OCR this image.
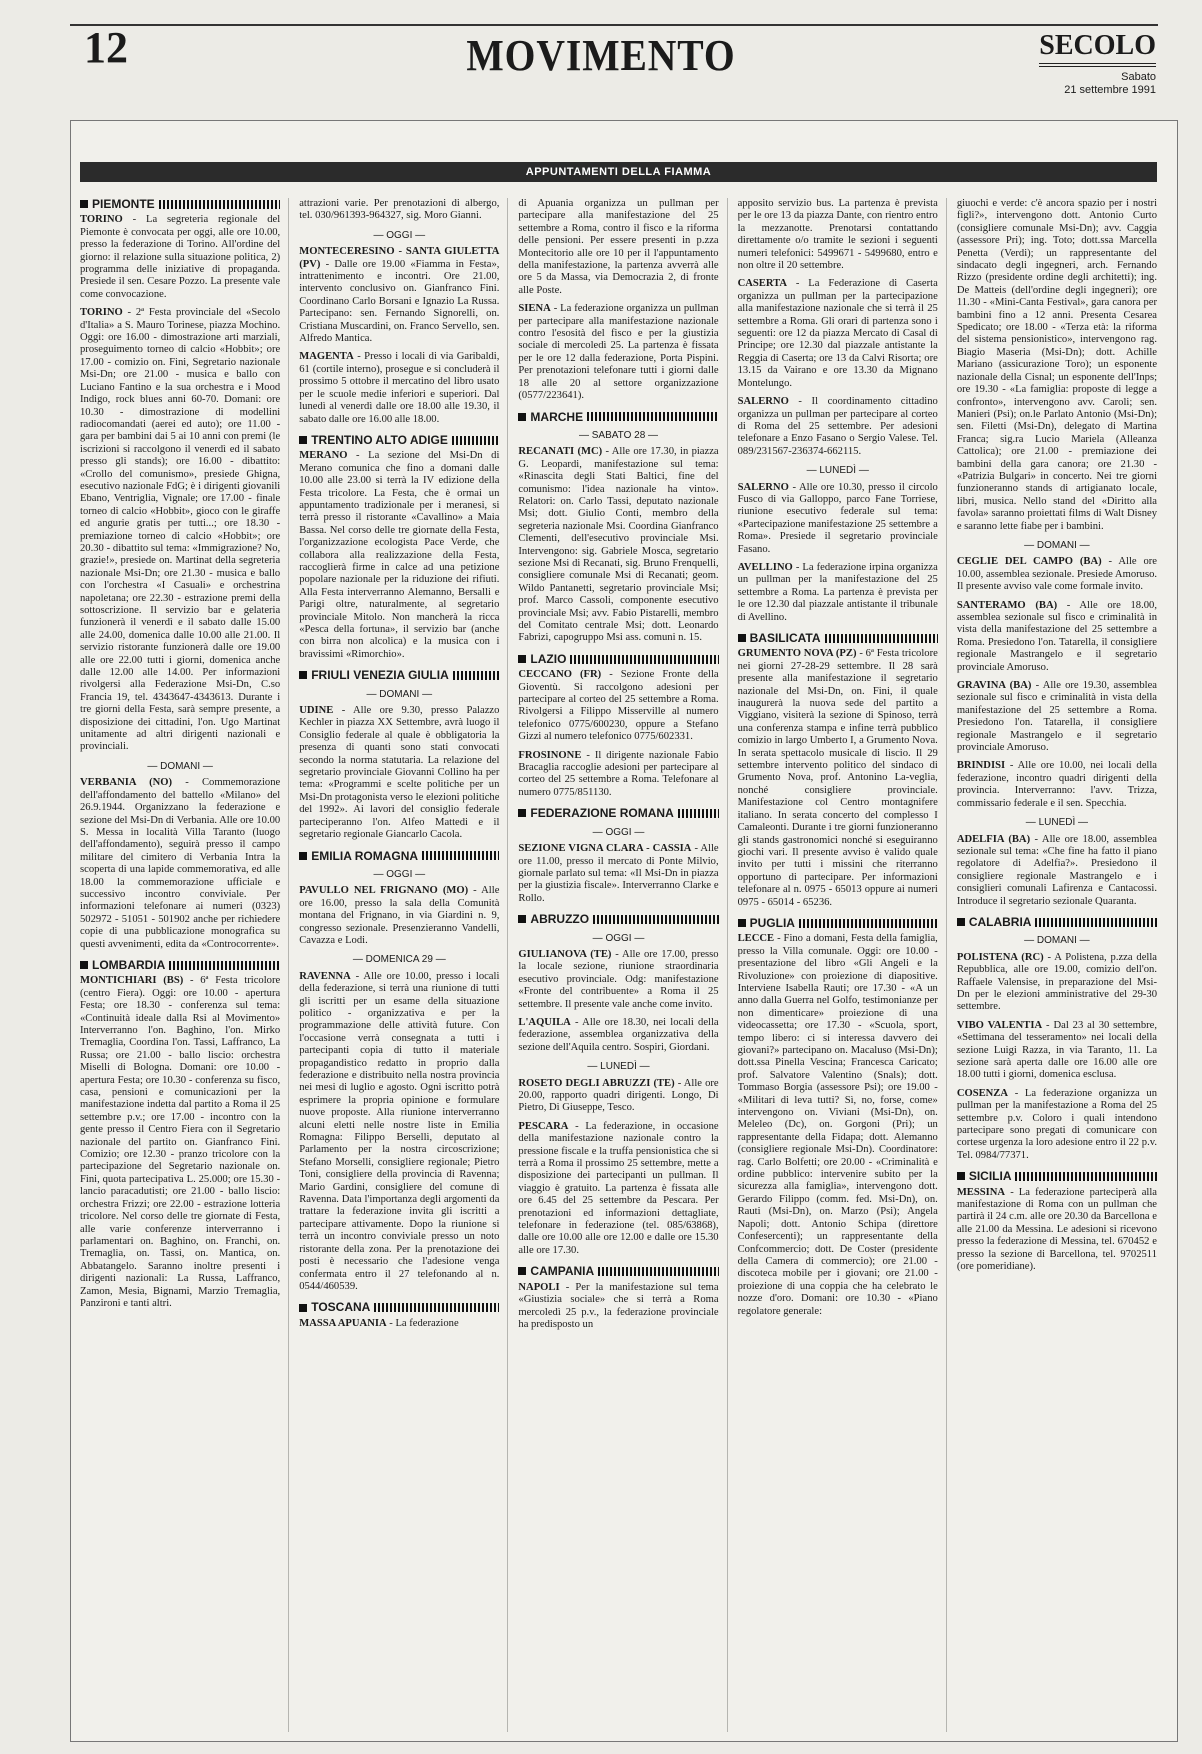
12	MOVIMENTO	SECOLO
Sabato
21 settembre 1991
APPUNTAMENTI DELLA FIAMMA
PIEMONTE

TORINO - La segreteria regionale del Piemonte è convocata per oggi, alle ore 10.00, presso la federazione di Torino. All'ordine del giorno: il relazione sulla situazione politica, 2) programma delle iniziative di propaganda. Presiede il sen. Cesare Pozzo. La presente vale come convocazione.

TORINO - 2ª Festa provinciale del «Secolo d'Italia» a S. Mauro Torinese, piazza Mochino. Oggi: ore 16.00 - dimostrazione arti marziali, proseguimento torneo di calcio «Hobbit»; ore 17.00 - comizio on. Fini, Segretario nazionale Msi-Dn; ore 21.00 - musica e ballo con Luciano Fantino e la sua orchestra e i Mood Indigo, rock blues anni 60-70. Domani: ore 10.30 - dimostrazione di modellini radiocomandati (aerei ed auto); ore 11.00 - gara per bambini dai 5 ai 10 anni con premi (le iscrizioni si raccolgono il venerdì ed il sabato presso gli stands); ore 16.00 - dibattito: «Crollo del comunismo», presiede Ghigna, esecutivo nazionale FdG; è i dirigenti giovanili Ebano, Ventriglia, Vignale; ore 17.00 - finale torneo di calcio «Hobbit», gioco con le giraffe ed angurie gratis per tutti...; ore 18.30 - premiazione torneo di calcio «Hobbit»; ore 20.30 - dibattito sul tema: «Immigrazione? No, grazie!», presiede on. Martinat della segreteria nazionale Msi-Dn; ore 21.30 - musica e ballo con l'orchestra «I Casuali» e orchestrina napoletana; ore 22.30 - estrazione premi della sottoscrizione. Il servizio bar e gelateria funzionerà il venerdì e il sabato dalle 15.00 alle 24.00, domenica dalle 10.00 alle 21.00. Il servizio ristorante funzionerà dalle ore 19.00 alle ore 22.00 tutti i giorni, domenica anche dalle 12.00 alle 14.00. Per informazioni rivolgersi alla Federazione Msi-Dn, C.so Francia 19, tel. 4343647-4343613. Durante i tre giorni della Festa, sarà sempre presente, a disposizione dei cittadini, l'on. Ugo Martinat unitamente ad altri dirigenti nazionali e provinciali.

— DOMANI —

VERBANIA (NO) - Commemorazione dell'affondamento del battello «Milano» del 26.9.1944. Organizzano la federazione e sezione del Msi-Dn di Verbania. Alle ore 10.00 S. Messa in località Villa Taranto (luogo dell'affondamento), seguirà presso il campo militare del cimitero di Verbania Intra la scoperta di una lapide commemorativa, ed alle 18.00 la commemorazione ufficiale e successivo incontro conviviale. Per informazioni telefonare ai numeri (0323) 502972 - 51051 - 501902 anche per richiedere copie di una pubblicazione monografica su questi avvenimenti, edita da «Controcorrente».

LOMBARDIA

MONTICHIARI (BS) - 6ª Festa tricolore (centro Fiera). Oggi: ore 10.00 - apertura Festa; ore 18.30 - conferenza sul tema: «Continuità ideale dalla Rsi al Movimento» Interverranno l'on. Baghino, l'on. Mirko Tremaglia, Coordina l'on. Tassi, Laffranco, La Russa; ore 21.00 - ballo liscio: orchestra Miselli di Bologna. Domani: ore 10.00 - apertura Festa; ore 10.30 - conferenza su fisco, casa, pensioni e comunicazioni per la manifestazione indetta dal partito a Roma il 25 settembre p.v.; ore 17.00 - incontro con la gente presso il Centro Fiera con il Segretario nazionale del partito on. Gianfranco Fini. Comizio; ore 12.30 - pranzo tricolore con la partecipazione del Segretario nazionale on. Fini, quota partecipativa L. 25.000; ore 15.30 - lancio paracadutisti; ore 21.00 - ballo liscio: orchestra Frizzi; ore 22.00 - estrazione lotteria tricolore. Nel corso delle tre giornate di Festa, alle varie conferenze interverranno i parlamentari on. Baghino, on. Franchi, on. Tremaglia, on. Tassi, on. Mantica, on. Abbatangelo. Saranno inoltre presenti i dirigenti nazionali: La Russa, Laffranco, Zamon, Mesia, Bignami, Marzio Tremaglia, Panzironi e tanti altri.

attrazioni varie. Per prenotazioni di albergo, tel. 030/961393-964327, sig. Moro Gianni.

— OGGI —

MONTECERESINO - SANTA GIULETTA (PV) - Dalle ore 19.00 «Fiamma in Festa», intrattenimento e incontri. Ore 21.00, intervento conclusivo on. Gianfranco Fini. Coordinano Carlo Borsani e Ignazio La Russa. Partecipano: sen. Fernando Signorelli, on. Cristiana Muscardini, on. Franco Servello, sen. Alfredo Mantica.

MAGENTA - Presso i locali di via Garibaldi, 61 (cortile interno), prosegue e si concluderà il prossimo 5 ottobre il mercatino del libro usato per le scuole medie inferiori e superiori. Dal lunedì al venerdì dalle ore 18.00 alle 19.30, il sabato dalle ore 16.00 alle 18.00.

TRENTINO ALTO ADIGE

MERANO - La sezione del Msi-Dn di Merano comunica che fino a domani dalle 10.00 alle 23.00 si terrà la IV edizione della Festa tricolore. La Festa, che è ormai un appuntamento tradizionale per i meranesi, si terrà presso il ristorante «Cavallino» a Maia Bassa. Nel corso delle tre giornate della Festa, l'organizzazione ecologista Pace Verde, che collabora alla realizzazione della Festa, raccoglierà firme in calce ad una petizione popolare nazionale per la riduzione dei rifiuti. Alla Festa interverranno Alemanno, Bersalli e Parigi oltre, naturalmente, al segretario provinciale Mitolo. Non mancherà la ricca «Pesca della fortuna», il servizio bar (anche con birra non alcolica) e la musica con i bravissimi «Rimorchio».

FRIULI VENEZIA GIULIA
— DOMANI —

UDINE - Alle ore 9.30, presso Palazzo Kechler in piazza XX Settembre, avrà luogo il Consiglio federale al quale è obbligatoria la presenza di quanti sono stati convocati secondo la norma statutaria. La relazione del segretario provinciale Giovanni Collino ha per tema: «Programmi e scelte politiche per un Msi-Dn protagonista verso le elezioni politiche del 1992». Ai lavori del consiglio federale parteciperanno l'on. Alfeo Mattedi e il segretario regionale Giancarlo Cacola.

EMILIA ROMAGNA
— OGGI —

PAVULLO NEL FRIGNANO (MO) - Alle ore 16.00, presso la sala della Comunità montana del Frignano, in via Giardini n. 9, congresso sezionale. Presenzieranno Vandelli, Cavazza e Lodi.

— DOMENICA 29 —

RAVENNA - Alle ore 10.00, presso i locali della federazione, si terrà una riunione di tutti gli iscritti per un esame della situazione politico - organizzativa e per la programmazione delle attività future. Con l'occasione verrà consegnata a tutti i partecipanti copia di tutto il materiale propagandistico redatto in proprio dalla federazione e distribuito nella nostra provincia nei mesi di luglio e agosto. Ogni iscritto potrà esprimere la propria opinione e formulare nuove proposte. Alla riunione interverranno alcuni eletti nelle nostre liste in Emilia Romagna: Filippo Berselli, deputato al Parlamento per la nostra circoscrizione; Stefano Morselli, consigliere regionale; Pietro Toni, consigliere della provincia di Ravenna; Mario Gardini, consigliere del comune di Ravenna. Data l'importanza degli argomenti da trattare la federazione invita gli iscritti a partecipare attivamente. Dopo la riunione si terrà un incontro conviviale presso un noto ristorante della zona. Per la prenotazione dei posti è necessario che l'adesione venga confermata entro il 27 telefonando al n. 0544/460539.

TOSCANA

MASSA APUANIA - La federazione

di Apuania organizza un pullman per partecipare alla manifestazione del 25 settembre a Roma, contro il fisco e la riforma delle pensioni. Per essere presenti in p.zza Montecitorio alle ore 10 per il l'appuntamento della manifestazione, la partenza avverrà alle ore 5 da Massa, via Democrazia 2, di fronte alle Poste.

SIENA - La federazione organizza un pullman per partecipare alla manifestazione nazionale contro l'esosità del fisco e per la giustizia sociale di mercoledì 25. La partenza è fissata per le ore 12 dalla federazione, Porta Pispini. Per prenotazioni telefonare tutti i giorni dalle 18 alle 20 al settore organizzazione (0577/223641).

MARCHE
— SABATO 28 —

RECANATI (MC) - Alle ore 17.30, in piazza G. Leopardi, manifestazione sul tema: «Rinascita degli Stati Baltici, fine del comunismo: l'idea nazionale ha vinto». Relatori: on. Carlo Tassi, deputato nazionale Msi; dott. Giulio Conti, membro della segreteria nazionale Msi. Coordina Gianfranco Clementi, dell'esecutivo provinciale Msi. Intervengono: sig. Gabriele Mosca, segretario sezione Msi di Recanati, sig. Bruno Frenquelli, consigliere comunale Msi di Recanati; geom. Wildo Pantanetti, segretario provinciale Msi; prof. Marco Cassoli, componente esecutivo provinciale Msi; avv. Fabio Pistarelli, membro del Comitato centrale Msi; dott. Leonardo Fabrizi, capogruppo Msi ass. comuni n. 15.

LAZIO

CECCANO (FR) - Sezione Fronte della Gioventù. Si raccolgono adesioni per partecipare al corteo del 25 settembre a Roma. Rivolgersi a Filippo Misserville al numero telefonico 0775/600230, oppure a Stefano Gizzi al numero telefonico 0775/602331.

FROSINONE - Il dirigente nazionale Fabio Bracaglia raccoglie adesioni per partecipare al corteo del 25 settembre a Roma. Telefonare al numero 0775/851130.

FEDERAZIONE ROMANA
— OGGI —

SEZIONE VIGNA CLARA - CASSIA - Alle ore 11.00, presso il mercato di Ponte Milvio, giornale parlato sul tema: «Il Msi-Dn in piazza per la giustizia fiscale». Interverranno Clarke e Rollo.

ABRUZZO
— OGGI —

GIULIANOVA (TE) - Alle ore 17.00, presso la locale sezione, riunione straordinaria esecutivo provinciale. Odg: manifestazione «Fronte del contribuente» a Roma il 25 settembre. Il presente vale anche come invito.

L'AQUILA - Alle ore 18.30, nei locali della federazione, assemblea organizzativa della sezione dell'Aquila centro. Sospiri, Giordani.

— LUNEDÌ —

ROSETO DEGLI ABRUZZI (TE) - Alle ore 20.00, rapporto quadri dirigenti. Longo, Di Pietro, Di Giuseppe, Tesco.

PESCARA - La federazione, in occasione della manifestazione nazionale contro la pressione fiscale e la truffa pensionistica che si terrà a Roma il prossimo 25 settembre, mette a disposizione dei partecipanti un pullman. Il viaggio è gratuito. La partenza è fissata alle ore 6.45 del 25 settembre da Pescara. Per prenotazioni ed informazioni dettagliate, telefonare in federazione (tel. 085/63868), dalle ore 10.00 alle ore 12.00 e dalle ore 15.30 alle ore 17.30.

CAMPANIA

NAPOLI - Per la manifestazione sul tema «Giustizia sociale» che si terrà a Roma mercoledì 25 p.v., la federazione provinciale ha predisposto un

apposito servizio bus. La partenza è prevista per le ore 13 da piazza Dante, con rientro entro la mezzanotte. Prenotarsi contattando direttamente o/o tramite le sezioni i seguenti numeri telefonici: 5499671 - 5499680, entro e non oltre il 20 settembre.

CASERTA - La Federazione di Caserta organizza un pullman per la partecipazione alla manifestazione nazionale che si terrà il 25 settembre a Roma. Gli orari di partenza sono i seguenti: ore 12 da piazza Mercato di Casal di Principe; ore 12.30 dal piazzale antistante la Reggia di Caserta; ore 13 da Calvi Risorta; ore 13.15 da Vairano e ore 13.30 da Mignano Montelungo.

SALERNO - Il coordinamento cittadino organizza un pullman per partecipare al corteo di Roma del 25 settembre. Per adesioni telefonare a Enzo Fasano o Sergio Valese. Tel. 089/231567-236374-662115.

— LUNEDÌ —

SALERNO - Alle ore 10.30, presso il circolo Fusco di via Galloppo, parco Fane Torriese, riunione esecutivo federale sul tema: «Partecipazione manifestazione 25 settembre a Roma». Presiede il segretario provinciale Fasano.

AVELLINO - La federazione irpina organizza un pullman per la manifestazione del 25 settembre a Roma. La partenza è prevista per le ore 12.30 dal piazzale antistante il tribunale di Avellino.

BASILICATA

GRUMENTO NOVA (PZ) - 6ª Festa tricolore nei giorni 27-28-29 settembre. Il 28 sarà presente alla manifestazione il segretario nazionale del Msi-Dn, on. Fini, il quale inaugurerà la nuova sede del partito a Viggiano, visiterà la sezione di Spinoso, terrà una conferenza stampa e infine terrà pubblico comizio in largo Umberto I, a Grumento Nova. In serata spettacolo musicale di liscio. Il 29 settembre intervento politico del sindaco di Grumento Nova, prof. Antonino La-veglia, nonché consigliere provinciale. Manifestazione col Centro montagnifere italiano. In serata concerto del complesso I Camaleonti. Durante i tre giorni funzioneranno gli stands gastronomici nonché si eseguiranno giochi vari. Il presente avviso è valido quale invito per tutti i missini che riterranno opportuno di partecipare. Per informazioni telefonare al n. 0975 - 65013 oppure ai numeri 0975 - 65014 - 65236.

PUGLIA

LECCE - Fino a domani, Festa della famiglia, presso la Villa comunale. Oggi: ore 10.00 - presentazione del libro «Gli Angeli e la Rivoluzione» con proiezione di diapositive. Interviene Isabella Rauti; ore 17.30 - «A un anno dalla Guerra nel Golfo, testimonianze per non dimenticare» proiezione di una videocassetta; ore 17.30 - «Scuola, sport, tempo libero: ci si interessa davvero dei giovani?» partecipano on. Macaluso (Msi-Dn); dott.ssa Pinella Vescina; Francesca Caricato; prof. Salvatore Valentino (Snals); dott. Tommaso Borgia (assessore Psi); ore 19.00 - «Militari di leva tutti? Sì, no, forse, come» intervengono on. Viviani (Msi-Dn), on. Meleleo (Dc), on. Gorgoni (Pri); un rappresentante della Fidapa; dott. Alemanno (consigliere regionale Msi-Dn). Coordinatore: rag. Carlo Bolfetti; ore 20.00 - «Criminalità e ordine pubblico: intervenire subito per la sicurezza alla famiglia», intervengono dott. Gerardo Filippo (comm. fed. Msi-Dn), on. Rauti (Msi-Dn), on. Marzo (Psi); Angela Napoli; dott. Antonio Schipa (direttore Confesercenti); un rappresentante della Confcommercio; dott. De Coster (presidente della Camera di commercio); ore 21.00 - discoteca mobile per i giovani; ore 21.00 - proiezione di una coppia che ha celebrato le nozze d'oro. Domani: ore 10.30 - «Piano regolatore generale:

giuochi e verde: c'è ancora spazio per i nostri figli?», intervengono dott. Antonio Curto (consigliere comunale Msi-Dn); avv. Caggia (assessore Pri); ing. Toto; dott.ssa Marcella Penetta (Verdi); un rappresentante del sindacato degli ingegneri, arch. Fernando Rizzo (presidente ordine degli architetti); ing. De Matteis (dell'ordine degli ingegneri); ore 11.30 - «Mini-Canta Festival», gara canora per bambini fino a 12 anni. Presenta Cesarea Spedicato; ore 18.00 - «Terza età: la riforma del sistema pensionistico», intervengono rag. Biagio Maseria (Msi-Dn); dott. Achille Mariano (assicurazione Toro); un esponente nazionale della Cisnal; un esponente dell'Inps; ore 19.30 - «La famiglia: proposte di legge a confronto», intervengono avv. Caroli; sen. Manieri (Psi); on.le Parlato Antonio (Msi-Dn); sen. Filetti (Msi-Dn), delegato di Martina Franca; sig.ra Lucio Mariela (Alleanza Cattolica); ore 21.00 - premiazione dei bambini della gara canora; ore 21.30 - «Patrizia Bulgari» in concerto. Nei tre giorni funzioneranno stands di artigianato locale, libri, musica. Nello stand del «Diritto alla favola» saranno proiettati films di Walt Disney e saranno lette fiabe per i bambini.

— DOMANI —

CEGLIE DEL CAMPO (BA) - Alle ore 10.00, assemblea sezionale. Presiede Amoruso. Il presente avviso vale come formale invito.

SANTERAMO (BA) - Alle ore 18.00, assemblea sezionale sul fisco e criminalità in vista della manifestazione del 25 settembre a Roma. Presiedono l'on. Tatarella, il consigliere regionale Mastrangelo e il segretario provinciale Amoruso.

GRAVINA (BA) - Alle ore 19.30, assemblea sezionale sul fisco e criminalità in vista della manifestazione del 25 settembre a Roma. Presiedono l'on. Tatarella, il consigliere regionale Mastrangelo e il segretario provinciale Amoruso.

BRINDISI - Alle ore 10.00, nei locali della federazione, incontro quadri dirigenti della provincia. Interverranno: l'avv. Trizza, commissario federale e il sen. Specchia.

— LUNEDÌ —

ADELFIA (BA) - Alle ore 18.00, assemblea sezionale sul tema: «Che fine ha fatto il piano regolatore di Adelfia?». Presiedono il consigliere regionale Mastrangelo e i consiglieri comunali Lafirenza e Cantacossi. Introduce il segretario sezionale Quaranta.

CALABRIA
— DOMANI —

POLISTENA (RC) - A Polistena, p.zza della Repubblica, alle ore 19.00, comizio dell'on. Raffaele Valensise, in preparazione del Msi-Dn per le elezioni amministrative del 29-30 settembre.

VIBO VALENTIA - Dal 23 al 30 settembre, «Settimana del tesseramento» nei locali della sezione Luigi Razza, in via Taranto, 11. La sezione sarà aperta dalle ore 16.00 alle ore 18.00 tutti i giorni, domenica esclusa.

COSENZA - La federazione organizza un pullman per la manifestazione a Roma del 25 settembre p.v. Coloro i quali intendono partecipare sono pregati di comunicare con cortese urgenza la loro adesione entro il 22 p.v. Tel. 0984/77371.

SICILIA

MESSINA - La federazione parteciperà alla manifestazione di Roma con un pullman che partirà il 24 c.m. alle ore 20.30 da Barcellona e alle 21.00 da Messina. Le adesioni si ricevono presso la federazione di Messina, tel. 670452 e presso la sezione di Barcellona, tel. 9702511 (ore pomeridiane).
